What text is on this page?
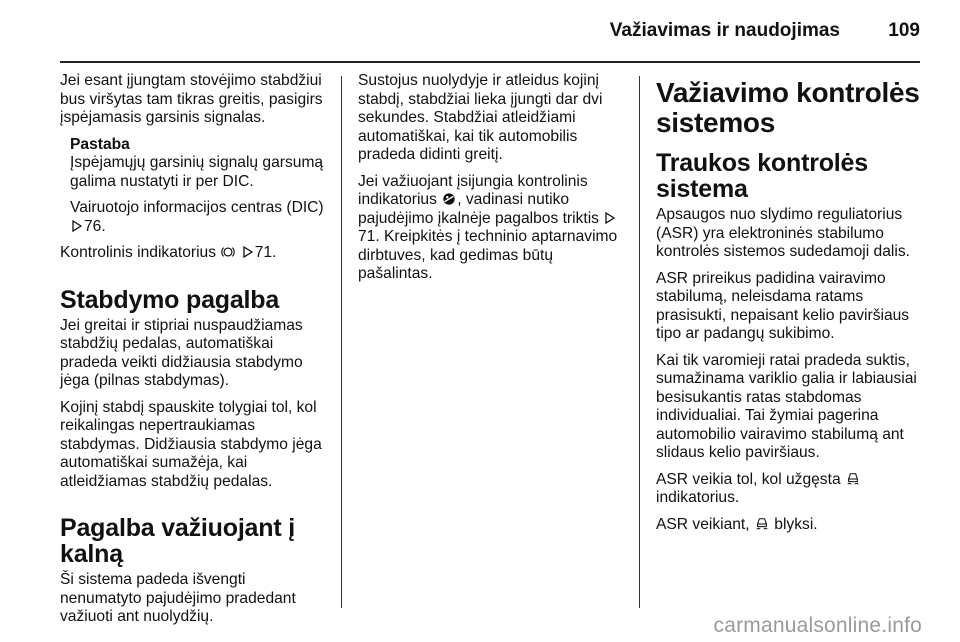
Važiavimas ir naudojimas	109

Jei esant įjungtam stovėjimo stabdžiui bus viršytas tam tikras greitis, pasigirs įspėjamasis garsinis signalas.

Pastaba

Įspėjamųjų garsinių signalų garsumą galima nustatyti ir per DIC.

Vairuotojo informacijos centras (DIC) 76.

Kontrolinis indikatorius 71.

Stabdymo pagalba

Jei greitai ir stipriai nuspaudžiamas stabdžių pedalas, automatiškai pradeda veikti didžiausia stabdymo jėga (pilnas stabdymas).

Kojinį stabdį spauskite tolygiai tol, kol reikalingas nepertraukiamas stabdymas. Didžiausia stabdymo jėga automatiškai sumažėja, kai atleidžiamas stabdžių pedalas.

Pagalba važiuojant į kalną

Ši sistema padeda išvengti nenumatyto pajudėjimo pradedant važiuoti ant nuolydžių.

Sustojus nuolydyje ir atleidus kojinį stabdį, stabdžiai lieka įjungti dar dvi sekundes. Stabdžiai atleidžiami automatiškai, kai tik automobilis pradeda didinti greitį.

Jei važiuojant įsijungia kontrolinis indikatorius , vadinasi nutiko pajudėjimo įkalnėje pagalbos triktis 71. Kreipkitės į techninio aptarnavimo dirbtuves, kad gedimas būtų pašalintas.

Važiavimo kontrolės sistemos
Traukos kontrolės sistema

Apsaugos nuo slydimo reguliatorius (ASR) yra elektroninės stabilumo kontrolės sistemos sudedamoji dalis.

ASR prireikus padidina vairavimo stabilumą, neleisdama ratams prasisukti, nepaisant kelio paviršiaus tipo ar padangų sukibimo.

Kai tik varomieji ratai pradeda suktis, sumažinama variklio galia ir labiausiai besisukantis ratas stabdomas individualiai. Tai žymiai pagerina automobilio vairavimo stabilumą ant slidaus kelio paviršiaus.

ASR veikia tol, kol užgęsta
indikatorius.

ASR veikiant, blyksi.

carmanualsonline.info
